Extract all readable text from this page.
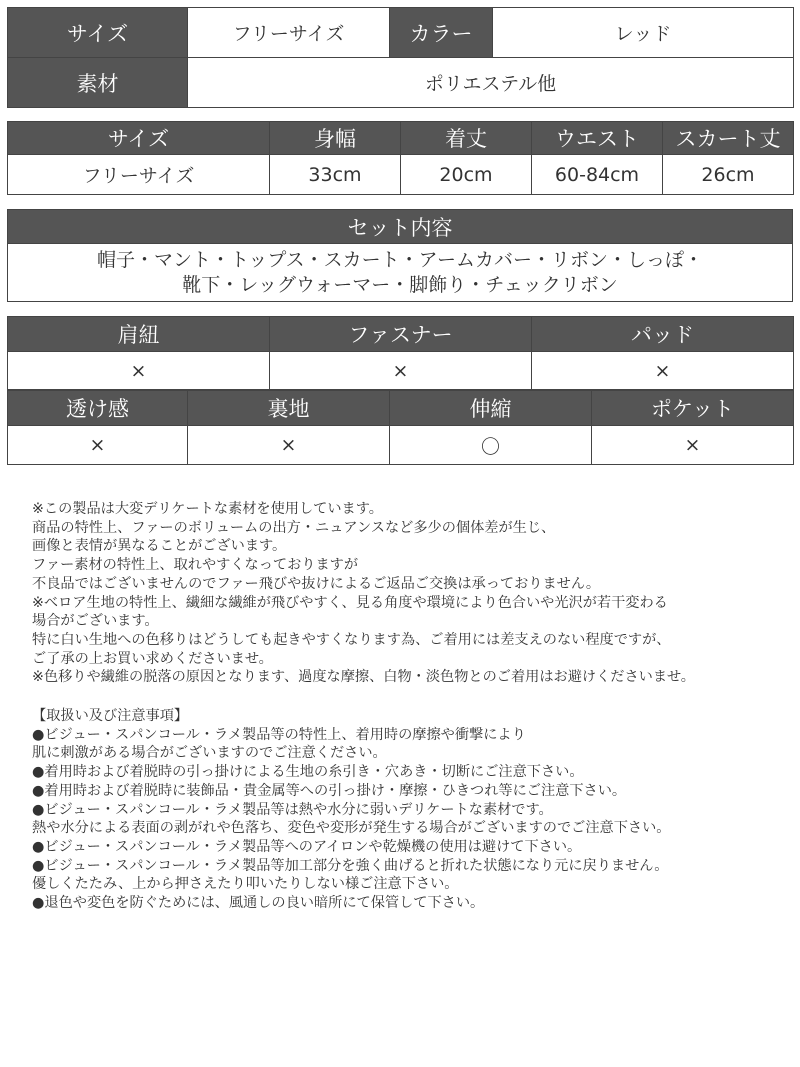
サイズ	フリーサイズ	カラー	レッド
素材	ポリエステル他		
サイズ	身幅	着丈	ウエスト	スカート丈
フリーサイズ	33cm	20cm	60-84cm	26cm
セット内容

帽子・マント・トップス・スカート・アームカバー・リボン・しっぽ・
靴下・レッグウォーマー・脚飾り・チェックリボン
肩紐	ファスナー	パッド
×	×	×
透け感	裏地	伸縮	ポケット
×	×	〇	×
※この製品は大変デリケートな素材を使用しています。
商品の特性上、ファーのボリュームの出方・ニュアンスなど多少の個体差が生じ、
画像と表情が異なることがございます。
ファー素材の特性上、取れやすくなっておりますが
不良品ではございませんのでファー飛びや抜けによるご返品ご交換は承っておりません。
※ベロア生地の特性上、繊細な繊維が飛びやすく、見る角度や環境により色合いや光沢が若干変わる
場合がございます。
特に白い生地への色移りはどうしても起きやすくなります為、ご着用には差支えのない程度ですが、
ご了承の上お買い求めくださいませ。
※色移りや繊維の脱落の原因となります、過度な摩擦、白物・淡色物とのご着用はお避けくださいませ。
【取扱い及び注意事項】
●ビジュー・スパンコール・ラメ製品等の特性上、着用時の摩擦や衝撃により
肌に刺激がある場合がございますのでご注意ください。
●着用時および着脱時の引っ掛けによる生地の糸引き・穴あき・切断にご注意下さい。
●着用時および着脱時に装飾品・貴金属等への引っ掛け・摩擦・ひきつれ等にご注意下さい。
●ビジュー・スパンコール・ラメ製品等は熱や水分に弱いデリケートな素材です。
熱や水分による表面の剥がれや色落ち、変色や変形が発生する場合がございますのでご注意下さい。
●ビジュー・スパンコール・ラメ製品等へのアイロンや乾燥機の使用は避けて下さい。
●ビジュー・スパンコール・ラメ製品等加工部分を強く曲げると折れた状態になり元に戻りません。
優しくたたみ、上から押さえたり叩いたりしない様ご注意下さい。
●退色や変色を防ぐためには、風通しの良い暗所にて保管して下さい。
